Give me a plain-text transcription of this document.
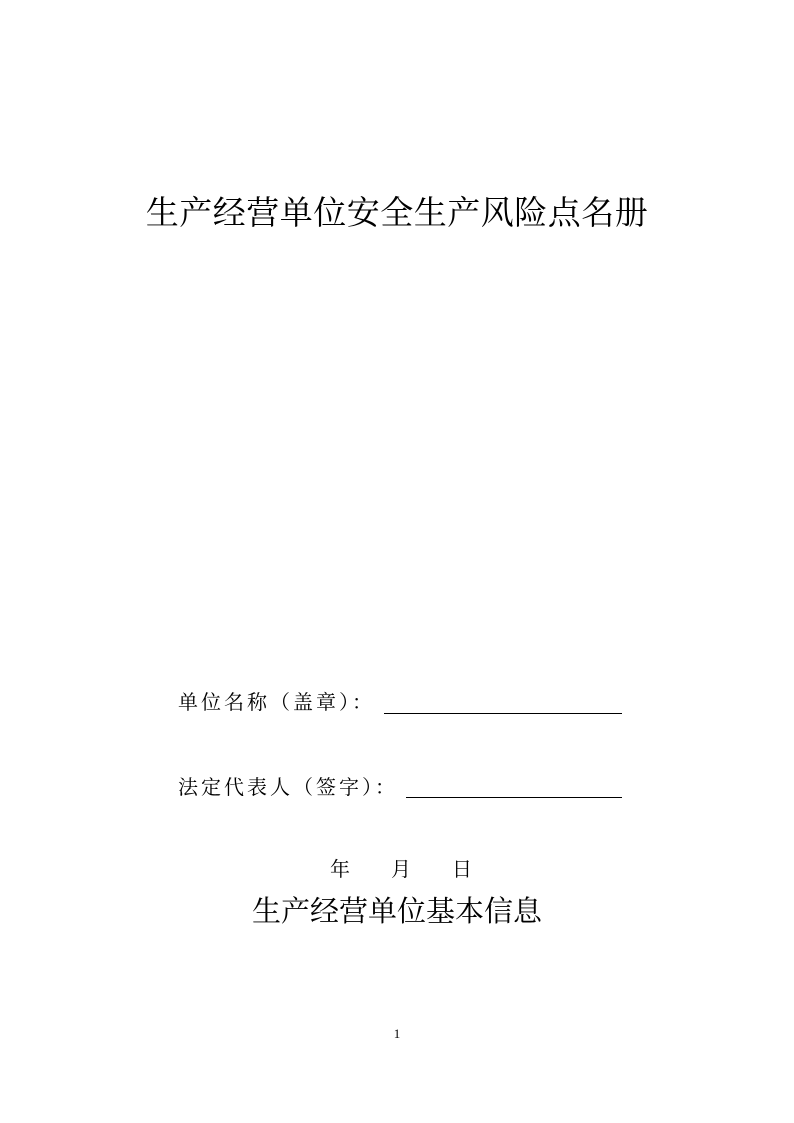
生产经营单位安全生产风险点名册
单位名称（盖章）：
法定代表人（签字）：
年 月 日
生产经营单位基本信息
1
